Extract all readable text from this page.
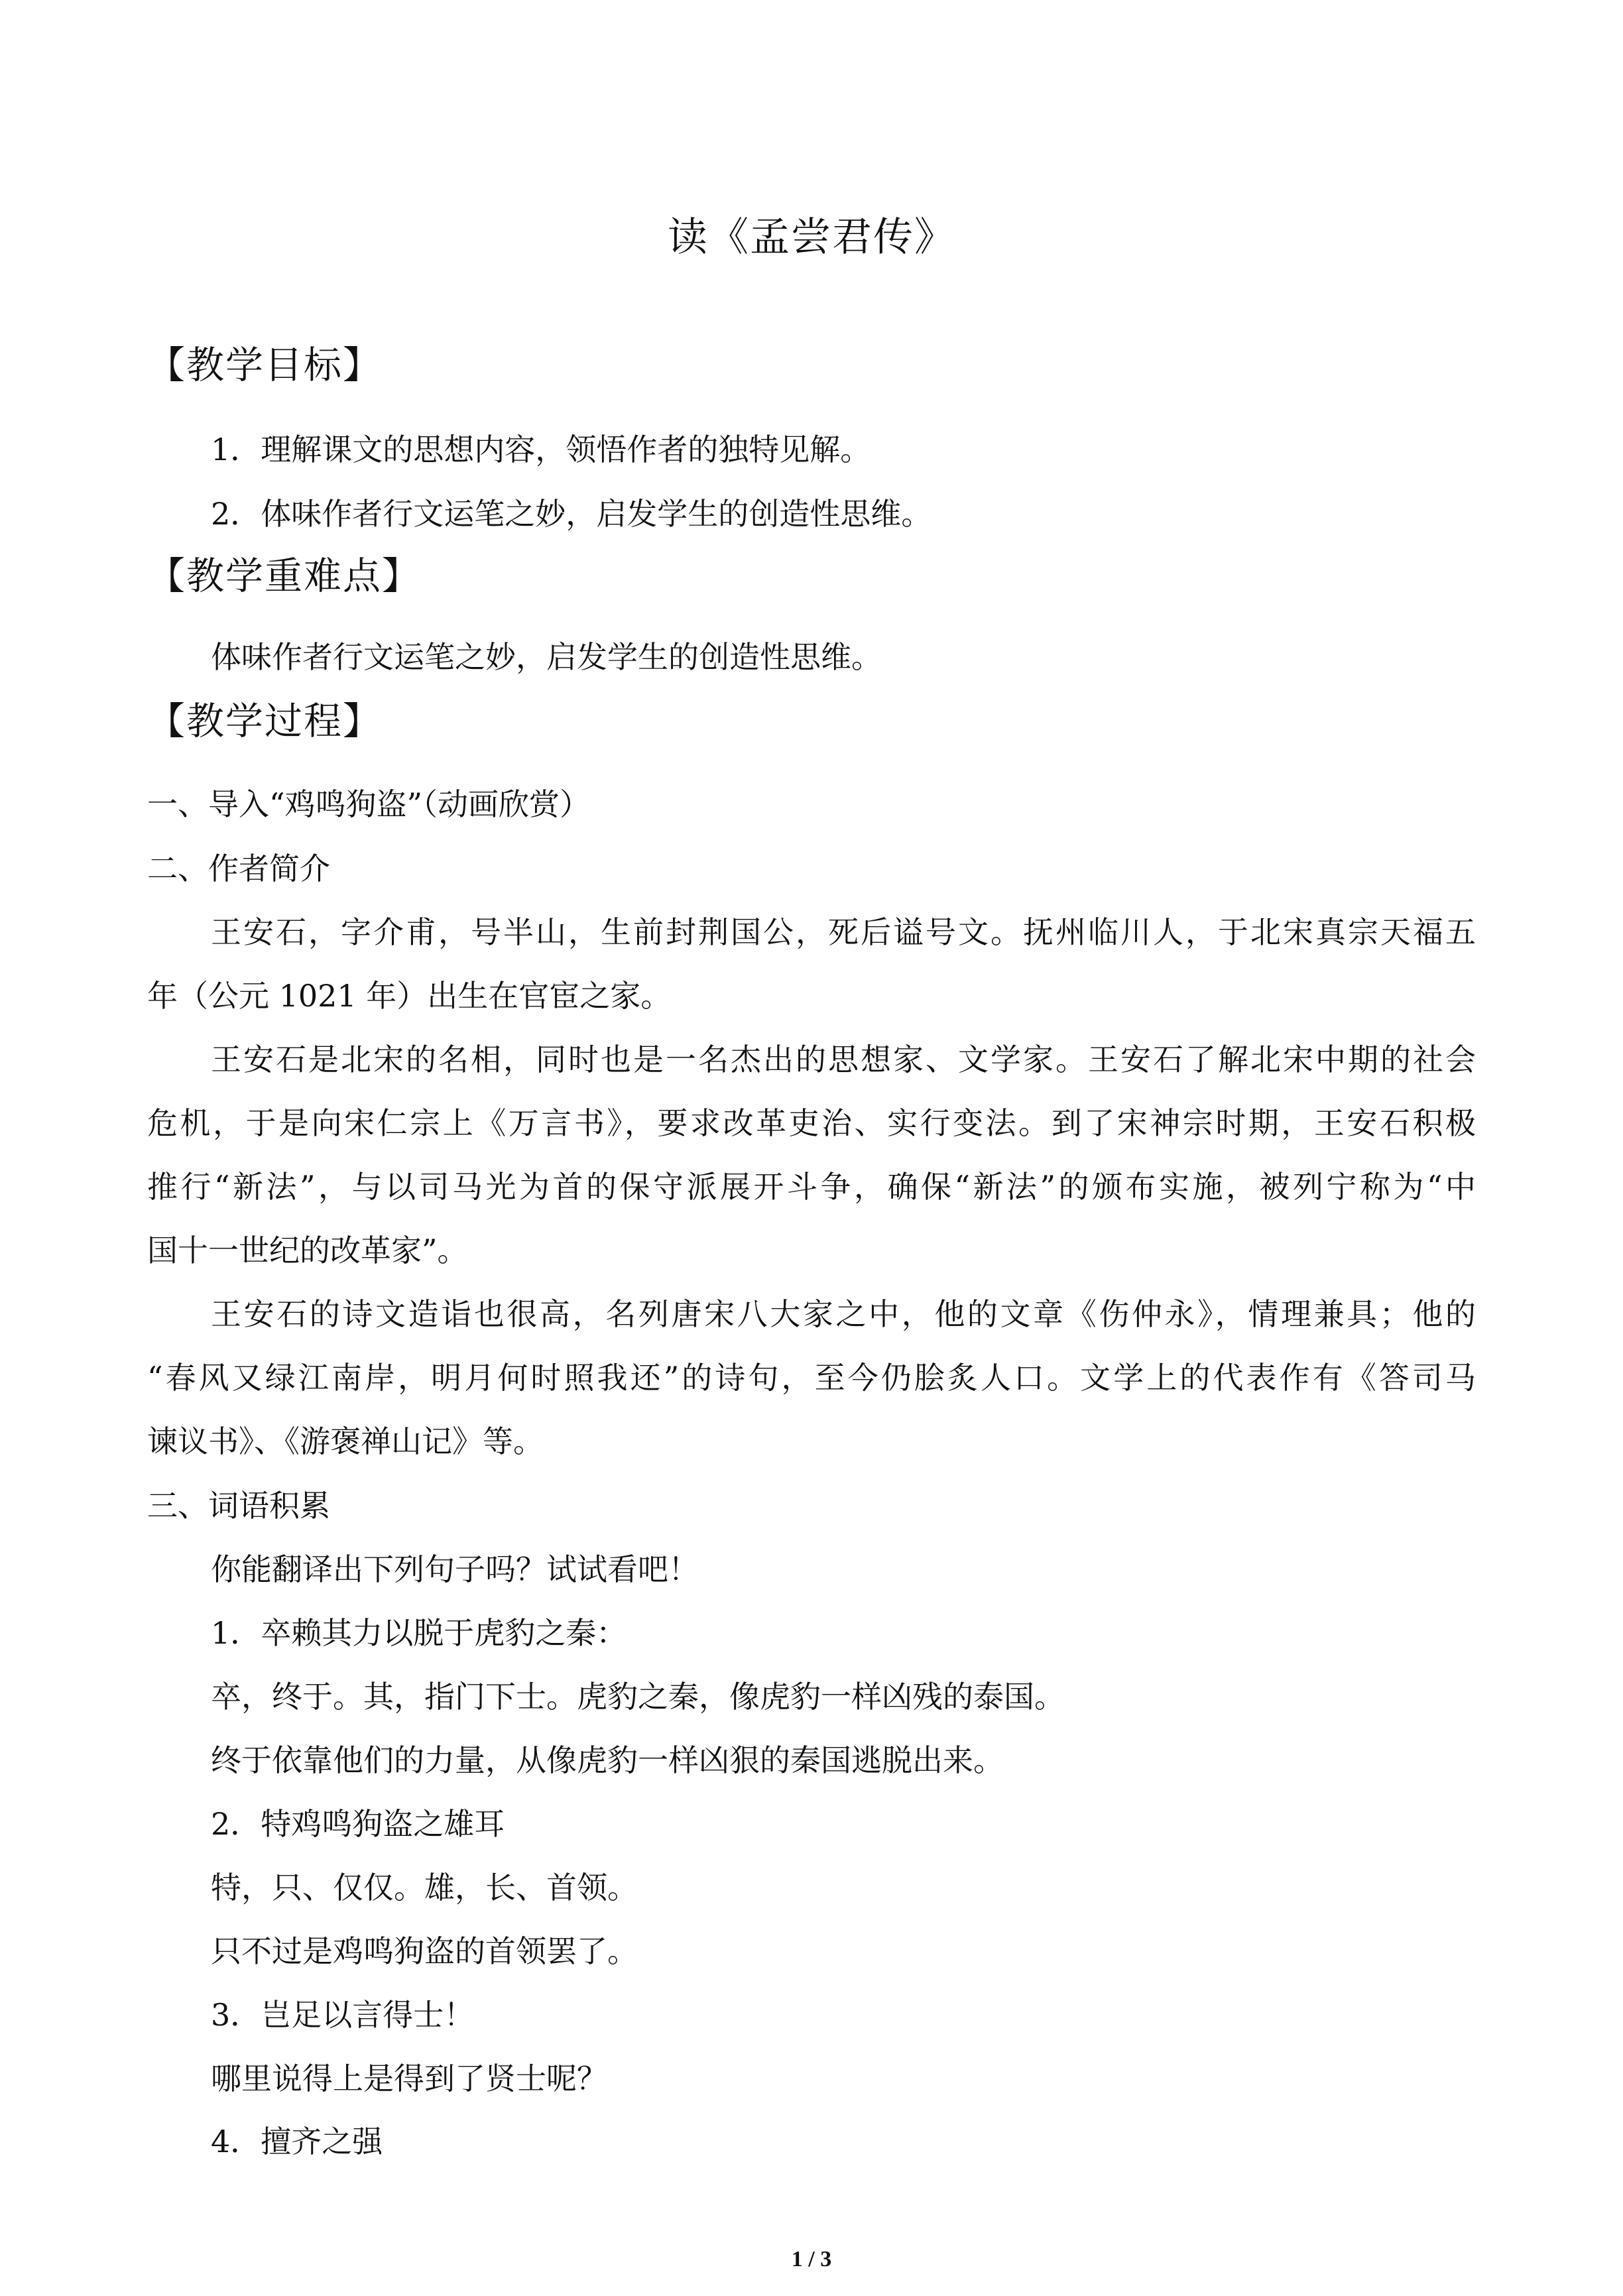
读《孟尝君传》
【教学目标】
1．理解课文的思想内容，领悟作者的独特见解。
2．体味作者行文运笔之妙，启发学生的创造性思维。
【教学重难点】
体味作者行文运笔之妙，启发学生的创造性思维。
【教学过程】
一、导入“鸡鸣狗盗”（动画欣赏）
二、作者简介
王安石，字介甫，号半山，生前封荆国公，死后谥号文。抚州临川人，于北宋真宗天福五
年（公元 1021 年）出生在官宦之家。
王安石是北宋的名相，同时也是一名杰出的思想家、文学家。王安石了解北宋中期的社会
危机，于是向宋仁宗上《万言书》，要求改革吏治、实行变法。到了宋神宗时期，王安石积极
推行“新法”，与以司马光为首的保守派展开斗争，确保“新法”的颁布实施，被列宁称为“中
国十一世纪的改革家”。
王安石的诗文造诣也很高，名列唐宋八大家之中，他的文章《伤仲永》，情理兼具；他的
“春风又绿江南岸，明月何时照我还”的诗句，至今仍脍炙人口。文学上的代表作有《答司马
谏议书》、《游褒禅山记》等。
三、词语积累
你能翻译出下列句子吗？试试看吧！
1．卒赖其力以脱于虎豹之秦：
卒，终于。其，指门下士。虎豹之秦，像虎豹一样凶残的泰国。
终于依靠他们的力量，从像虎豹一样凶狠的秦国逃脱出来。
2．特鸡鸣狗盗之雄耳
特，只、仅仅。雄，长、首领。
只不过是鸡鸣狗盗的首领罢了。
3．岂足以言得士！
哪里说得上是得到了贤士呢？
4．擅齐之强
1 / 3
